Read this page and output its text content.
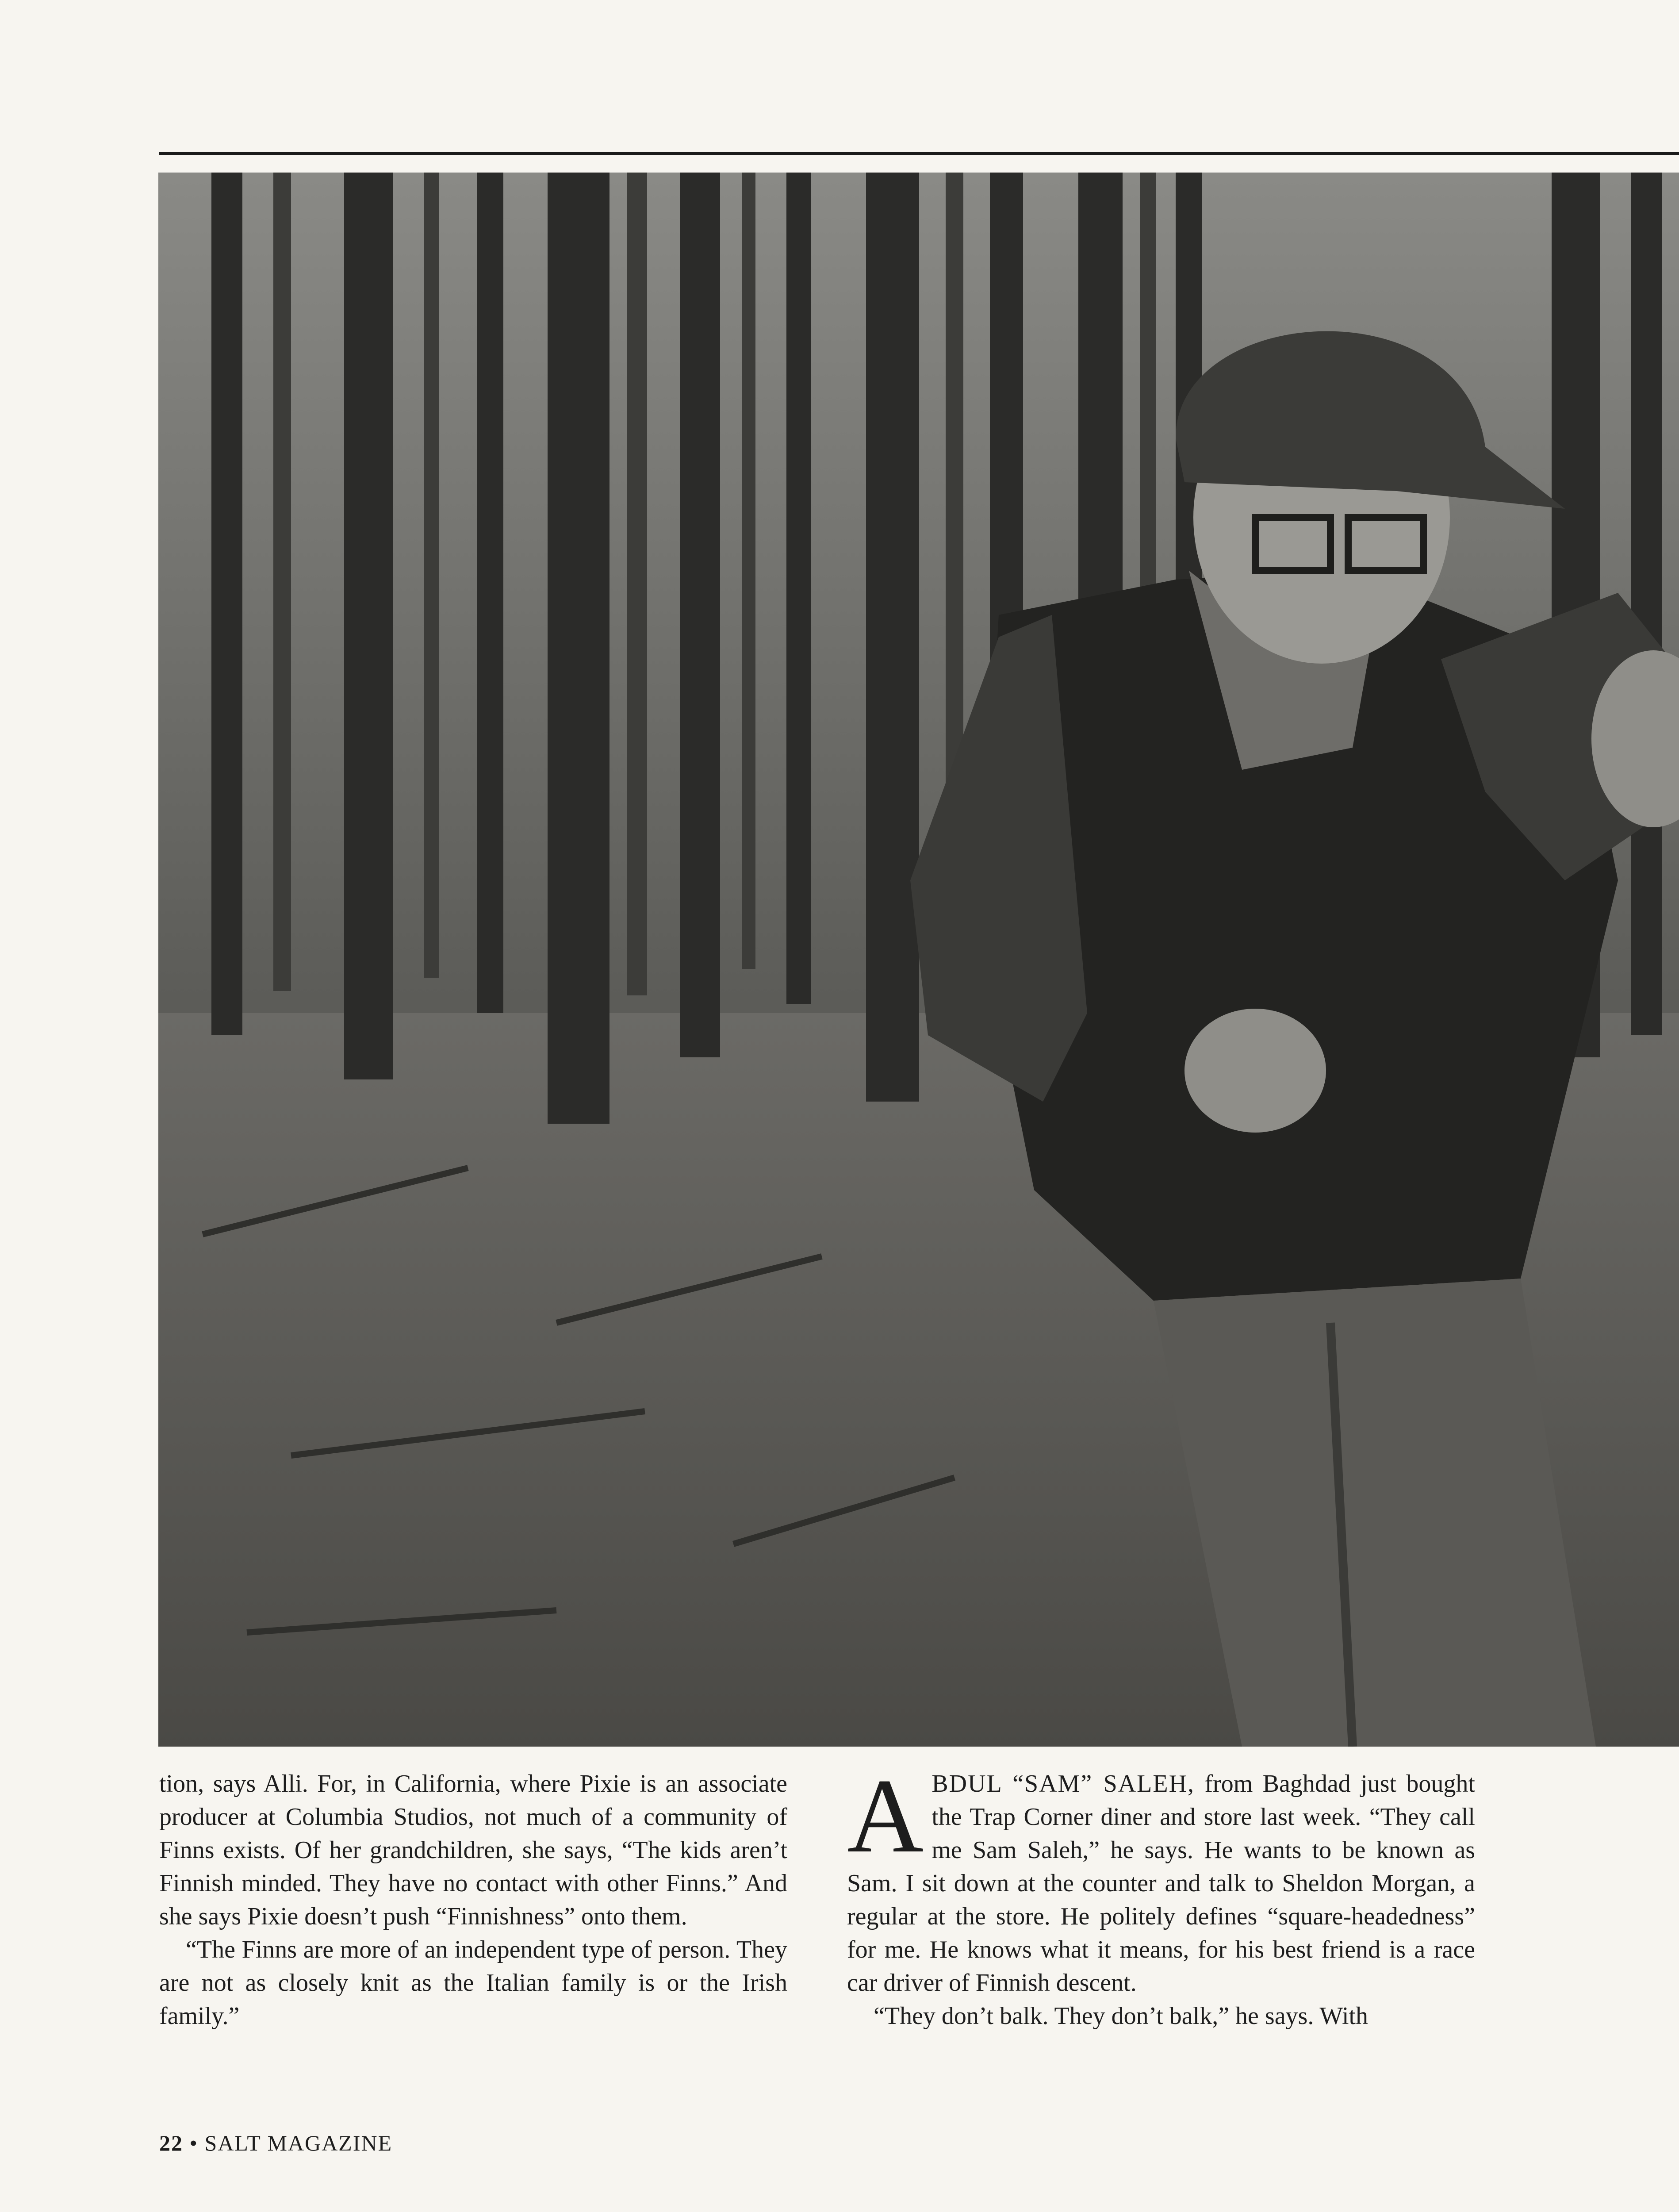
tion, says Alli. For, in California, where Pixie is an associate producer at Columbia Studios, not much of a community of Finns exists. Of her grandchildren, she says, “The kids aren’t Finnish minded. They have no contact with other Finns.” And she says Pixie doesn’t push “Finnishness” onto them.

“The Finns are more of an independent type of person. They are not as closely knit as the Italian family is or the Irish family.”

ABDUL “SAM” SALEH, from Baghdad just bought the Trap Corner diner and store last week. “They call me Sam Saleh,” he says. He wants to be known as Sam. I sit down at the counter and talk to Sheldon Morgan, a regular at the store. He politely defines “square-headedness” for me. He knows what it means, for his best friend is a race car driver of Finnish descent.

“They don’t balk. They don’t balk,” he says. With

22 • SALT MAGAZINE
